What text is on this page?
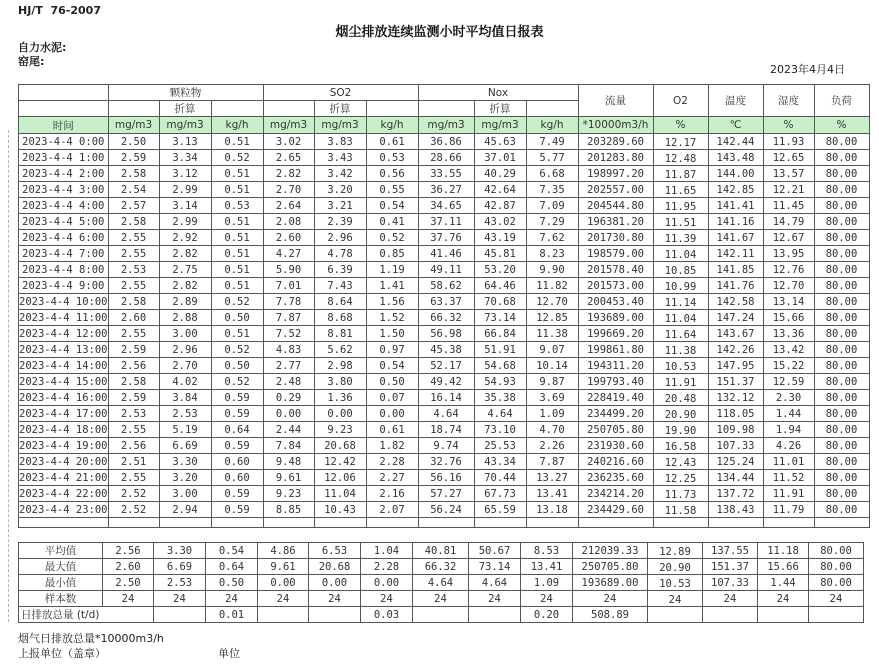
HJ/T  76-2007
烟尘排放连续监测小时平均值日报表
自力水泥:
窑尾:
2023年4月4日
	颗粒物			SO2			Nox			流量	O2	温度	湿度	负荷
		折算			折算			折算						
时间	mg/m3	mg/m3	kg/h	mg/m3	mg/m3	kg/h	mg/m3	mg/m3	kg/h	*10000m3/h	%	℃	%	%
2023-4-4 0:00	2.50	3.13	0.51	3.02	3.83	0.61	36.86	45.63	7.49	203289.60	12.17	142.44	11.93	80.00
2023-4-4 1:00	2.59	3.34	0.52	2.65	3.43	0.53	28.66	37.01	5.77	201283.80	12.48	143.48	12.65	80.00
2023-4-4 2:00	2.58	3.12	0.51	2.82	3.42	0.56	33.55	40.29	6.68	198997.20	11.87	144.00	13.57	80.00
2023-4-4 3:00	2.54	2.99	0.51	2.70	3.20	0.55	36.27	42.64	7.35	202557.00	11.65	142.85	12.21	80.00
2023-4-4 4:00	2.57	3.14	0.53	2.64	3.21	0.54	34.65	42.87	7.09	204544.80	11.95	141.41	11.45	80.00
2023-4-4 5:00	2.58	2.99	0.51	2.08	2.39	0.41	37.11	43.02	7.29	196381.20	11.51	141.16	14.79	80.00
2023-4-4 6:00	2.55	2.92	0.51	2.60	2.96	0.52	37.76	43.19	7.62	201730.80	11.39	141.67	12.67	80.00
2023-4-4 7:00	2.55	2.82	0.51	4.27	4.78	0.85	41.46	45.81	8.23	198579.00	11.04	142.11	13.95	80.00
2023-4-4 8:00	2.53	2.75	0.51	5.90	6.39	1.19	49.11	53.20	9.90	201578.40	10.85	141.85	12.76	80.00
2023-4-4 9:00	2.55	2.82	0.51	7.01	7.43	1.41	58.62	64.46	11.82	201573.00	10.99	141.76	12.70	80.00
2023-4-4 10:00	2.58	2.89	0.52	7.78	8.64	1.56	63.37	70.68	12.70	200453.40	11.14	142.58	13.14	80.00
2023-4-4 11:00	2.60	2.88	0.50	7.87	8.68	1.52	66.32	73.14	12.85	193689.00	11.04	147.24	15.66	80.00
2023-4-4 12:00	2.55	3.00	0.51	7.52	8.81	1.50	56.98	66.84	11.38	199669.20	11.64	143.67	13.36	80.00
2023-4-4 13:00	2.59	2.96	0.52	4.83	5.62	0.97	45.38	51.91	9.07	199861.80	11.38	142.26	13.42	80.00
2023-4-4 14:00	2.56	2.70	0.50	2.77	2.98	0.54	52.17	54.68	10.14	194311.20	10.53	147.95	15.22	80.00
2023-4-4 15:00	2.58	4.02	0.52	2.48	3.80	0.50	49.42	54.93	9.87	199793.40	11.91	151.37	12.59	80.00
2023-4-4 16:00	2.59	3.84	0.59	0.29	1.36	0.07	16.14	35.38	3.69	228419.40	20.48	132.12	2.30	80.00
2023-4-4 17:00	2.53	2.53	0.59	0.00	0.00	0.00	4.64	4.64	1.09	234499.20	20.90	118.05	1.44	80.00
2023-4-4 18:00	2.55	5.19	0.64	2.44	9.23	0.61	18.74	73.10	4.70	250705.80	19.90	109.98	1.94	80.00
2023-4-4 19:00	2.56	6.69	0.59	7.84	20.68	1.82	9.74	25.53	2.26	231930.60	16.58	107.33	4.26	80.00
2023-4-4 20:00	2.51	3.30	0.60	9.48	12.42	2.28	32.76	43.34	7.87	240216.60	12.43	125.24	11.01	80.00
2023-4-4 21:00	2.55	3.20	0.60	9.61	12.06	2.27	56.16	70.44	13.27	236235.60	12.25	134.44	11.52	80.00
2023-4-4 22:00	2.52	3.00	0.59	9.23	11.04	2.16	57.27	67.73	13.41	234214.20	11.73	137.72	11.91	80.00
2023-4-4 23:00	2.52	2.94	0.59	8.85	10.43	2.07	56.24	65.59	13.18	234429.60	11.58	138.43	11.79	80.00

平均值	2.56	3.30	0.54	4.86	6.53	1.04	40.81	50.67	8.53	212039.33	12.89	137.55	11.18	80.00
最大值	2.60	6.69	0.64	9.61	20.68	2.28	66.32	73.14	13.41	250705.80	20.90	151.37	15.66	80.00
最小值	2.50	2.53	0.50	0.00	0.00	0.00	4.64	4.64	1.09	193689.00	10.53	107.33	1.44	80.00
样本数	24	24	24	24	24	24	24	24	24	24	24	24	24	24
日排放总量 (t/d)			0.01			0.03			0.20	508.89				
烟气日排放总量*10000m3/h
上报单位（盖章）	单位
